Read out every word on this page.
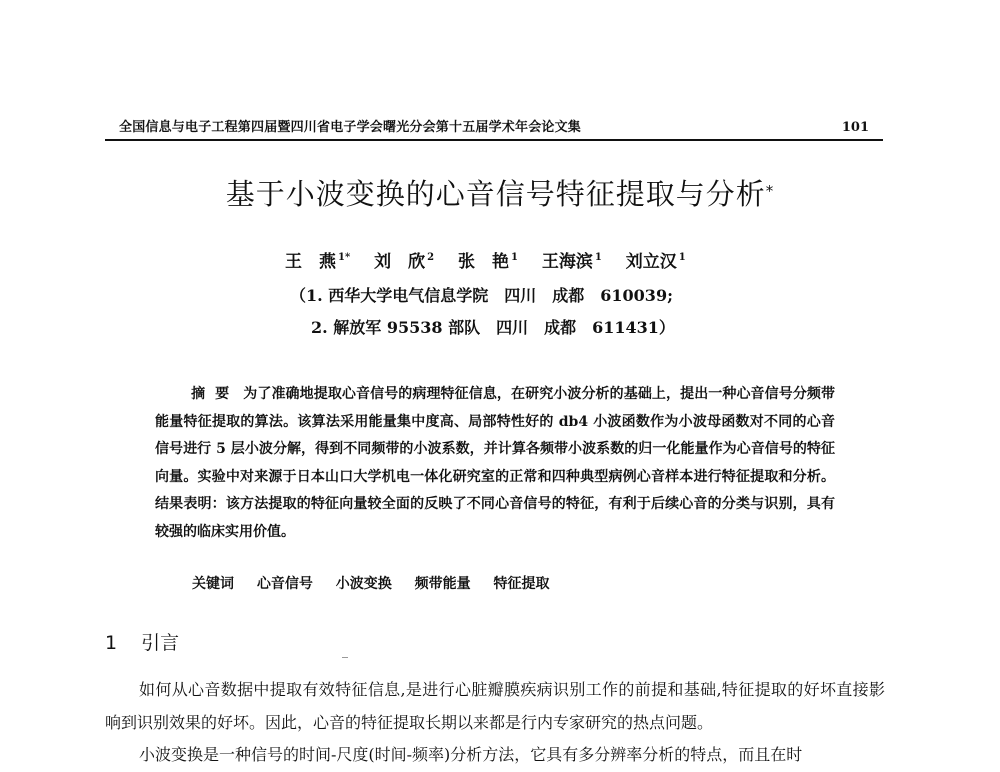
全国信息与电子工程第四届暨四川省电子学会曙光分会第十五届学术年会论文集	101
基于小波变换的心音信号特征提取与分析*
王　燕 $^{1*}$ 刘　欣 $^2$ 张　艳 $^1$ 王海滨 $^1$ 刘立汉 $^1$
（1. 西华大学电气信息学院　四川　成都　610039;
2. 解放军 95538 部队　四川　成都　611431）

摘要 为了准确地提取心音信号的病理特征信息，在研究小波分析的基础上，提出一种心音信号分频带能量特征提取的算法。该算法采用能量集中度高、局部特性好的 db4 小波函数作为小波母函数对不同的心音信号进行 5 层小波分解，得到不同频带的小波系数，并计算各频带小波系数的归一化能量作为心音信号的特征向量。实验中对来源于日本山口大学机电一体化研究室的正常和四种典型病例心音样本进行特征提取和分析。结果表明：该方法提取的特征向量较全面的反映了不同心音信号的特征，有利于后续心音的分类与识别，具有较强的临床实用价值。

关键词 心音信号 小波变换 频带能量 特征提取
1 引言

如何从心音数据中提取有效特征信息,是进行心脏瓣膜疾病识别工作的前提和基础,特征提取的好坏直接影响到识别效果的好坏。因此，心音的特征提取长期以来都是行内专家研究的热点问题。

小波变换是一种信号的时间-尺度(时间-频率)分析方法，它具有多分辨率分析的特点，而且在时
